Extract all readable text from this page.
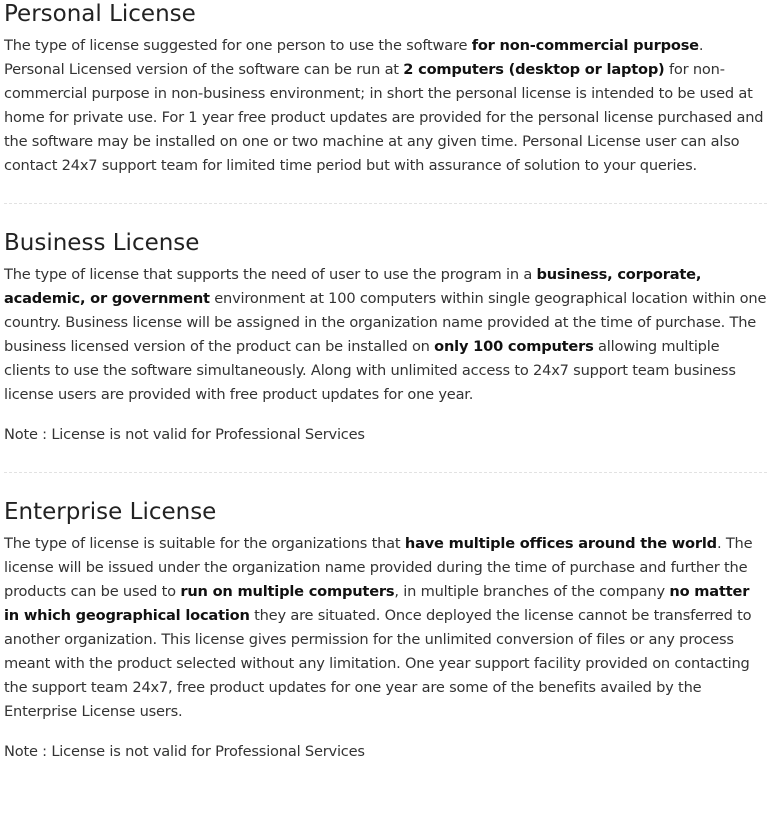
Personal License

The type of license suggested for one person to use the software for non-commercial purpose. Personal Licensed version of the software can be run at 2 computers (desktop or laptop) for non-commercial purpose in non-business environment; in short the personal license is intended to be used at home for private use. For 1 year free product updates are provided for the personal license purchased and the software may be installed on one or two machine at any given time. Personal License user can also contact 24x7 support team for limited time period but with assurance of solution to your queries.

Business License

The type of license that supports the need of user to use the program in a business, corporate, academic, or government environment at 100 computers within single geographical location within one country. Business license will be assigned in the organization name provided at the time of purchase. The business licensed version of the product can be installed on only 100 computers allowing multiple clients to use the software simultaneously. Along with unlimited access to 24x7 support team business license users are provided with free product updates for one year.

Note : License is not valid for Professional Services

Enterprise License

The type of license is suitable for the organizations that have multiple offices around the world. The license will be issued under the organization name provided during the time of purchase and further the products can be used to run on multiple computers, in multiple branches of the company no matter in which geographical location they are situated. Once deployed the license cannot be transferred to another organization. This license gives permission for the unlimited conversion of files or any process meant with the product selected without any limitation. One year support facility provided on contacting the support team 24x7, free product updates for one year are some of the benefits availed by the Enterprise License users.

Note : License is not valid for Professional Services
